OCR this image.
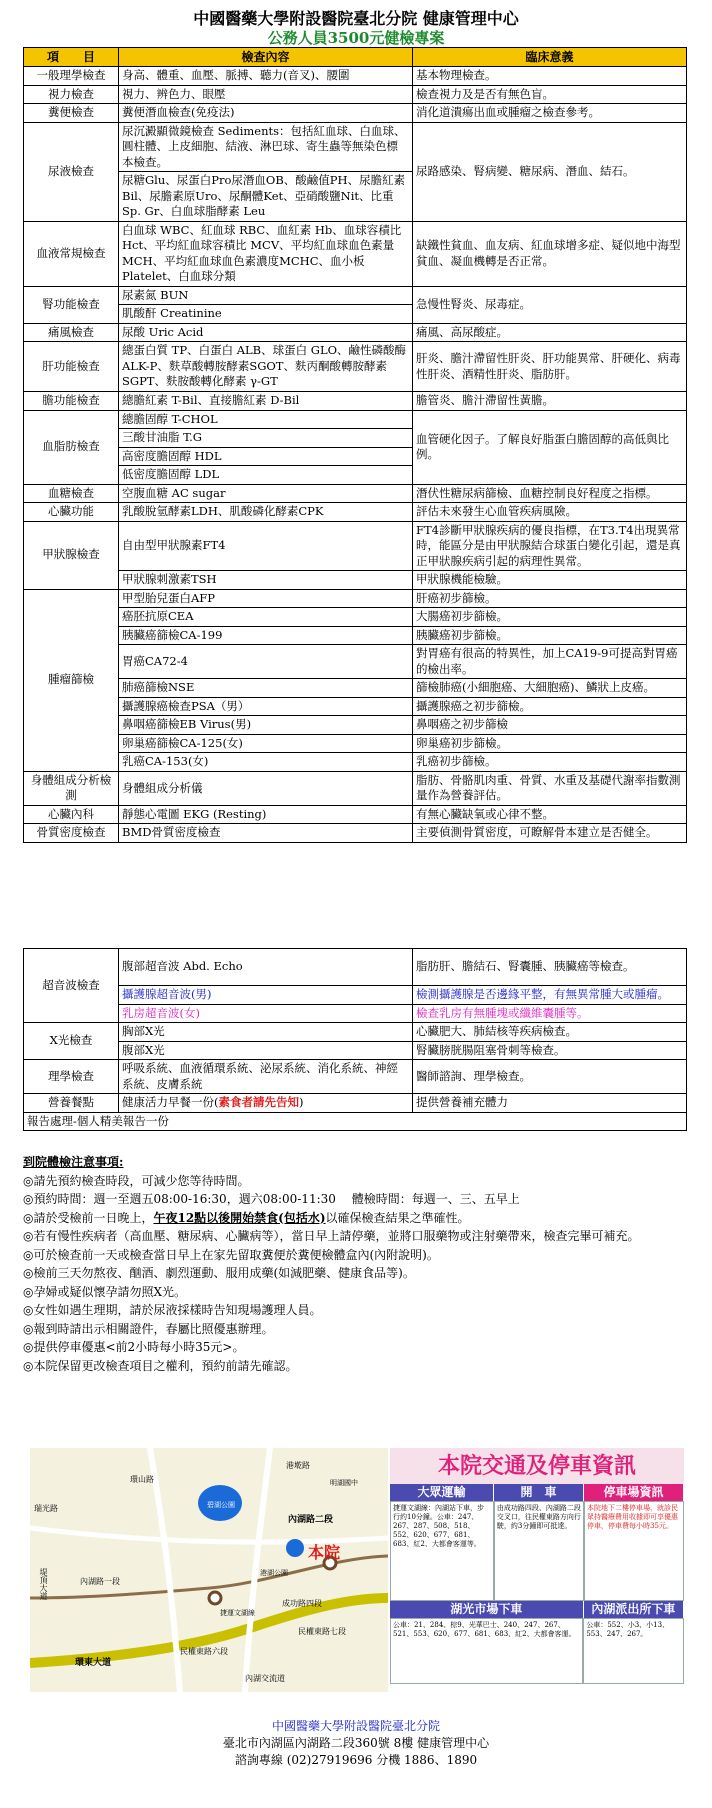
中國醫藥大學附設醫院臺北分院 健康管理中心
公務人員3500元健檢專案
項　　目	檢查內容	臨床意義
一般理學檢查	身高、體重、血壓、脈搏、聽力(音叉)、腰圍	基本物理檢查。
視力檢查	視力、辨色力、眼壓	檢查視力及是否有無色盲。
糞便檢查	糞便潛血檢查(免疫法)	消化道潰瘍出血或腫瘤之檢查參考。
尿液檢查	尿沉澱顯微鏡檢查 Sediments：包括紅血球、白血球、圓柱體、上皮細胞、結液、淋巴球、寄生蟲等無染色標本檢查。	尿路感染、腎病變、糖尿病、潛血、結石。
	尿糖Glu、尿蛋白Pro尿潛血OB、酸鹼值PH、尿膽紅素Bil、尿膽素原Uro、尿酮體Ket、亞硝酸鹽Nit、比重 Sp. Gr、白血球脂酵素 Leu	
血液常規檢查	白血球 WBC、紅血球 RBC、血紅素 Hb、血球容積比Hct、平均紅血球容積比 MCV、平均紅血球血色素量MCH、平均紅血球血色素濃度MCHC、血小板 Platelet、白血球分類	缺鐵性貧血、血友病、紅血球增多症、疑似地中海型貧血、凝血機轉是否正常。
腎功能檢查	尿素氮 BUN	急慢性腎炎、尿毒症。
	肌酸酐 Creatinine	
痛風檢查	尿酸 Uric Acid	痛風、高尿酸症。
肝功能檢查	總蛋白質 TP、白蛋白 ALB、球蛋白 GLO、鹼性磷酸酶ALK-P、麩草酸轉胺酵素SGOT、麩丙酮酸轉胺酵素SGPT、麩胺酸轉化酵素 γ-GT	肝炎、膽汁滯留性肝炎、肝功能異常、肝硬化、病毒性肝炎、酒精性肝炎、脂肪肝。
膽功能檢查	總膽紅素 T-Bil、直接膽紅素 D-Bil	膽管炎、膽汁滯留性黃膽。
血脂肪檢查	總膽固醇 T-CHOL	血管硬化因子。了解良好脂蛋白膽固醇的高低與比例。
	三酸甘油脂 T.G	
	高密度膽固醇 HDL	
	低密度膽固醇 LDL	
血糖檢查	空腹血糖 AC sugar	潛伏性糖尿病篩檢、血糖控制良好程度之指標。
心臟功能	乳酸脫氫酵素LDH、肌酸磷化酵素CPK	評估未來發生心血管疾病風險。
甲狀腺檢查	自由型甲狀腺素FT4	FT4診斷甲狀腺疾病的優良指標，在T3.T4出現異常時，能區分是由甲狀腺結合球蛋白變化引起，還是真正甲狀腺疾病引起的病理性異常。
	甲狀腺刺激素TSH	甲狀腺機能檢驗。
腫瘤篩檢	甲型胎兒蛋白AFP	肝癌初步篩檢。
	癌胚抗原CEA	大腸癌初步篩檢。
	胰臟癌篩檢CA-199	胰臟癌初步篩檢。
	胃癌CA72-4	對胃癌有很高的特異性，加上CA19-9可提高對胃癌的檢出率。
	肺癌篩檢NSE	篩檢肺癌(小細胞癌、大細胞癌)、鱗狀上皮癌。
	攝護腺癌檢查PSA（男）	攝護腺癌之初步篩檢。
	鼻咽癌篩檢EB Virus(男)	鼻咽癌之初步篩檢
	卵巢癌篩檢CA-125(女)	卵巢癌初步篩檢。
	乳癌CA-153(女)	乳癌初步篩檢。
身體組成分析檢測	身體組成分析儀	脂肪、骨骼肌肉重、骨質、水重及基礎代謝率指數測量作為營養評估。
心臟內科	靜態心電圖 EKG (Resting)	有無心臟缺氧或心律不整。
骨質密度檢查	BMD骨質密度檢查	主要偵測骨質密度，可瞭解骨本建立是否健全。
超音波檢查	腹部超音波 Abd. Echo	脂肪肝、膽結石、腎囊腫、胰臟癌等檢查。
	攝護腺超音波(男)	檢測攝護腺是否邊緣平整，有無異常腫大或腫瘤。
	乳房超音波(女)	檢查乳房有無腫塊或纖維囊腫等。
X光檢查	胸部X光	心臟肥大、肺結核等疾病檢查。
	腹部X光	腎臟膀胱腸阻塞骨刺等檢查。
理學檢查	呼吸系統、血液循環系統、泌尿系統、消化系統、神經系統、皮膚系統	醫師諮詢、理學檢查。
營養餐點	健康活力早餐一份(素食者請先告知)	提供營養補充體力
報告處理-個人精美報告一份		
到院體檢注意事項:
◎請先預約檢查時段，可減少您等待時間。
◎預約時間：週一至週五08:00-16:30，週六08:00-11:30　 體檢時間：每週一、三、五早上
◎請於受檢前一日晚上，午夜12點以後開始禁食(包括水)以確保檢查結果之準確性。
◎若有慢性疾病者（高血壓、糖尿病、心臟病等），當日早上請停藥，並將口服藥物或注射藥帶來，檢查完畢可補充。
◎可於檢查前一天或檢查當日早上在家先留取糞便於糞便檢體盒內(內附說明)。
◎檢前三天勿熬夜、酗酒、劇烈運動、服用成藥(如減肥藥、健康食品等)。
◎孕婦或疑似懷孕請勿照X光。
◎女性如遇生理期，請於尿液採樣時告知現場護理人員。
◎報到時請出示相關證件，春屬比照優惠辦理。
◎提供停車優惠<前2小時每小時35元>。
◎本院保留更改檢查項目之權利，預約前請先確認。
環山路
港墘路
瑞光路
內湖路二段
內湖路一段
本院
碧湖公園
成功路四段
民權東路六段
民權東路七段
環東大道
內湖交流道
堤頂大道
捷運文湖線
港湖公園
明湖國中
本院交通及停車資訊
大眾運輸	開　車	停車場資訊
捷運文湖線：內湖站下車，步行約10分鐘。公車：247、267、287、508、518、552、620、677、681、683、紅2、大都會客運等。
由成功路四段、內湖路二段交叉口，往民權東路方向行駛，約3分鐘即可抵達。
本院地下二樓停車場，就診民眾持醫療費用收據即可享優惠停車，停車費每小時35元。
湖光市場下車	內湖派出所下車
公車：21、284、棕9、光華巴士、240、247、267、521、553、620、677、681、683、紅2、大都會客運。
公車：552、小3、小13、553、247、267。
中國醫藥大學附設醫院臺北分院
臺北市內湖區內湖路二段360號 8樓 健康管理中心
諮詢專線 (02)27919696 分機 1886、1890
